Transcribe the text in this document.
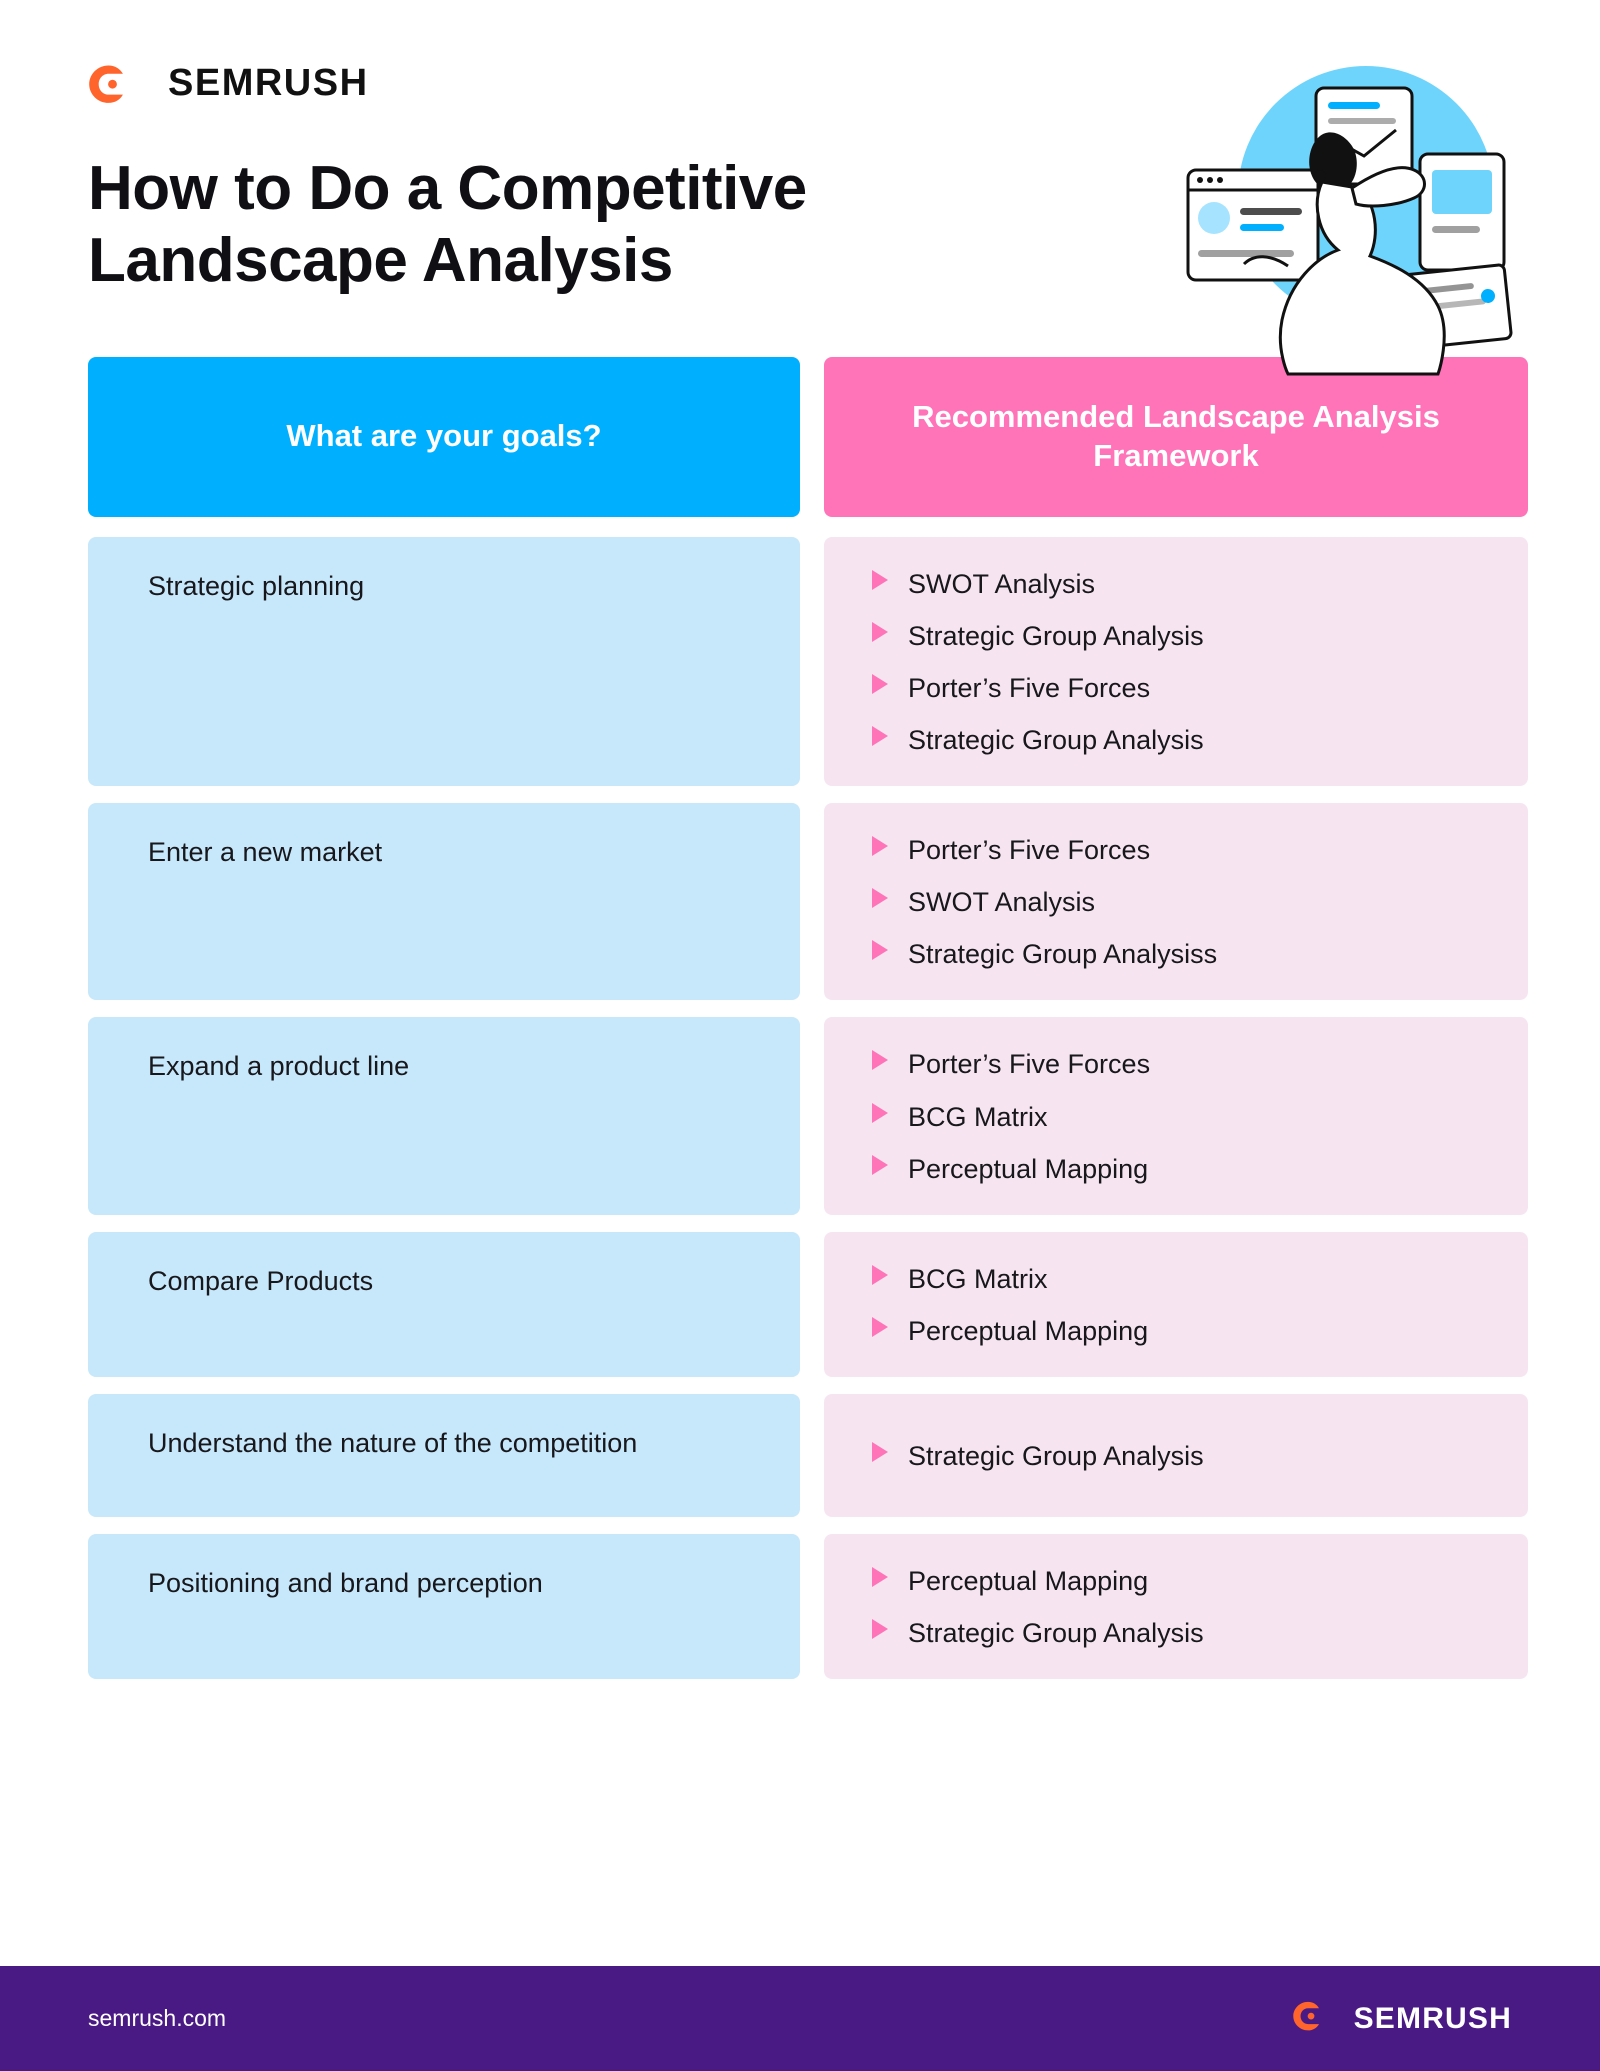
SEMRUSH
How to Do a Competitive Landscape Analysis
What are your goals?
Recommended Landscape Analysis Framework
Strategic planning	SWOT Analysis
Strategic Group Analysis
Porter’s Five Forces
Strategic Group Analysis
Enter a new market	Porter’s Five Forces
SWOT Analysis
Strategic Group Analysiss
Expand a product line	Porter’s Five Forces
BCG Matrix
Perceptual Mapping
Compare Products	BCG Matrix
Perceptual Mapping
Understand the nature of the competition	Strategic Group Analysis
Positioning and brand perception	Perceptual Mapping
Strategic Group Analysis
semrush.com	SEMRUSH
